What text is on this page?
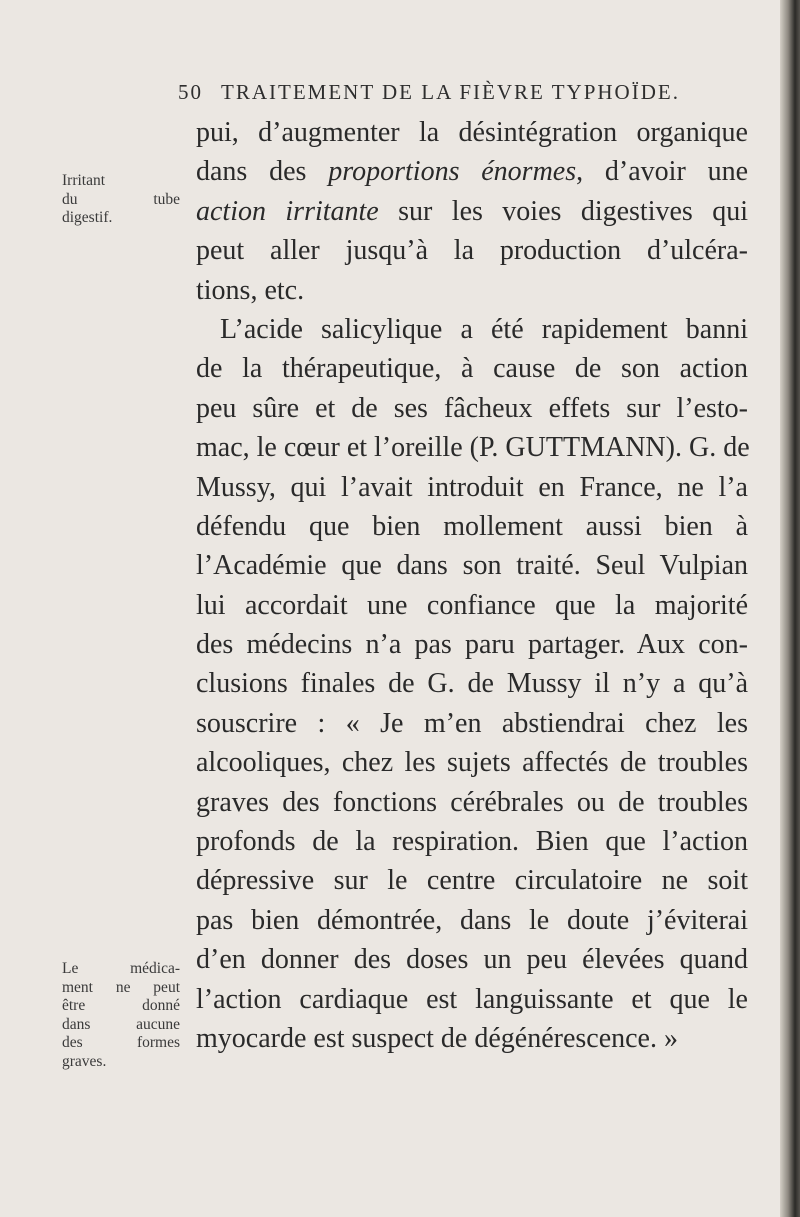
50 TRAITEMENT DE LA FIÈVRE TYPHOÏDE.
Irritant
du tube
digestif.
Le médica-
ment ne peut
être donné
dans aucune
des formes
graves.
pui, d’augmenter la désintégration organique
dans des proportions énormes, d’avoir une
action irritante sur les voies digestives qui
peut aller jusqu’à la production d’ulcéra-
tions, etc.
L’acide salicylique a été rapidement banni
de la thérapeutique, à cause de son action
peu sûre et de ses fâcheux effets sur l’esto-
mac, le cœur et l’oreille (P. GUTTMANN). G. de
Mussy, qui l’avait introduit en France, ne l’a
défendu que bien mollement aussi bien à
l’Académie que dans son traité. Seul Vulpian
lui accordait une confiance que la majorité
des médecins n’a pas paru partager. Aux con-
clusions finales de G. de Mussy il n’y a qu’à
souscrire : « Je m’en abstiendrai chez les
alcooliques, chez les sujets affectés de troubles
graves des fonctions cérébrales ou de troubles
profonds de la respiration. Bien que l’action
dépressive sur le centre circulatoire ne soit
pas bien démontrée, dans le doute j’éviterai
d’en donner des doses un peu élevées quand
l’action cardiaque est languissante et que le
myocarde est suspect de dégénérescence. »
